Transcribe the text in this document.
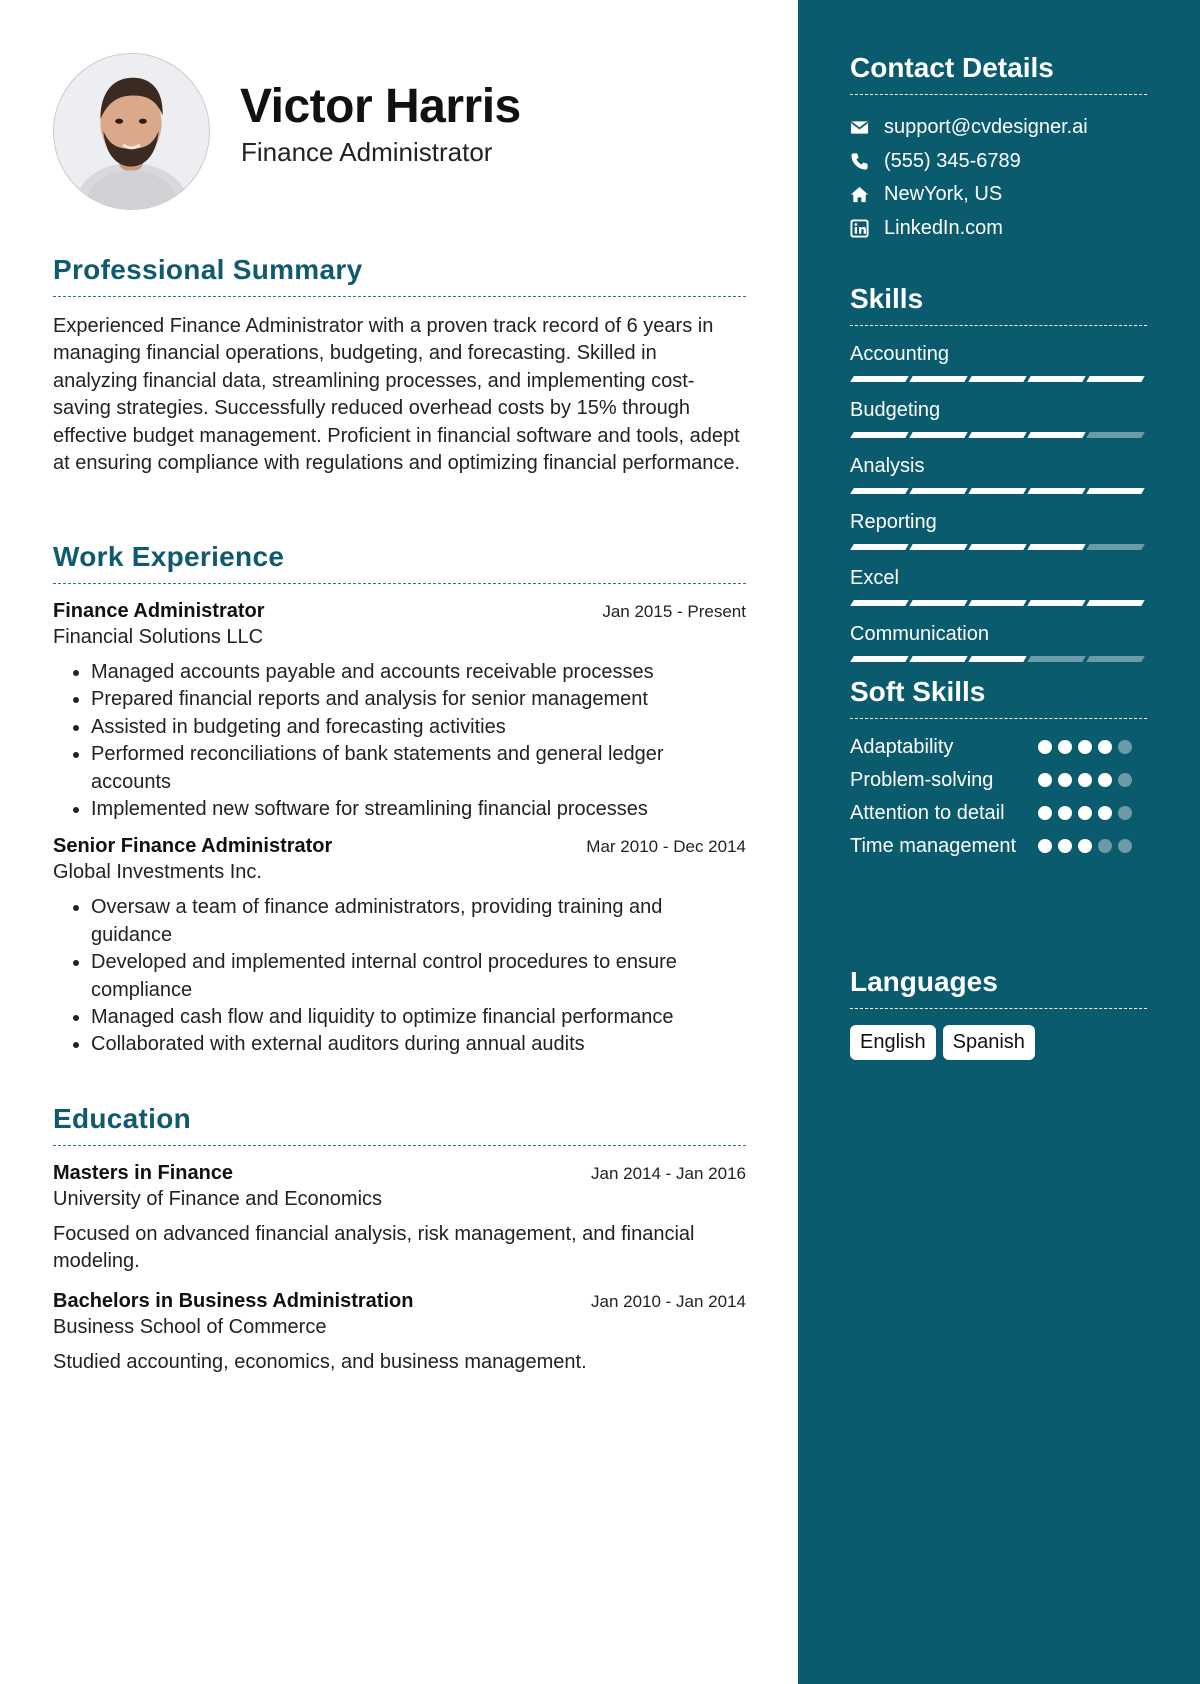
Victor Harris
Finance Administrator
Professional Summary

Experienced Finance Administrator with a proven track record of 6 years in managing financial operations, budgeting, and forecasting. Skilled in analyzing financial data, streamlining processes, and implementing cost-saving strategies. Successfully reduced overhead costs by 15% through effective budget management. Proficient in financial software and tools, adept at ensuring compliance with regulations and optimizing financial performance.

Work Experience
Finance Administrator	Jan 2015 - Present
Financial Solutions LLC
• Managed accounts payable and accounts receivable processes
• Prepared financial reports and analysis for senior management
• Assisted in budgeting and forecasting activities
• Performed reconciliations of bank statements and general ledger accounts
• Implemented new software for streamlining financial processes
Senior Finance Administrator	Mar 2010 - Dec 2014
Global Investments Inc.
• Oversaw a team of finance administrators, providing training and guidance
• Developed and implemented internal control procedures to ensure compliance
• Managed cash flow and liquidity to optimize financial performance
• Collaborated with external auditors during annual audits
Education
Masters in Finance	Jan 2014 - Jan 2016
University of Finance and Economics

Focused on advanced financial analysis, risk management, and financial modeling.

Bachelors in Business Administration	Jan 2010 - Jan 2014
Business School of Commerce

Studied accounting, economics, and business management.

Contact Details
support@cvdesigner.ai
(555) 345-6789
NewYork, US
LinkedIn.com
Skills
Accounting
Budgeting
Analysis
Reporting
Excel
Communication
Soft Skills
Adaptability
Problem-solving
Attention to detail
Time management
Languages
English	Spanish
